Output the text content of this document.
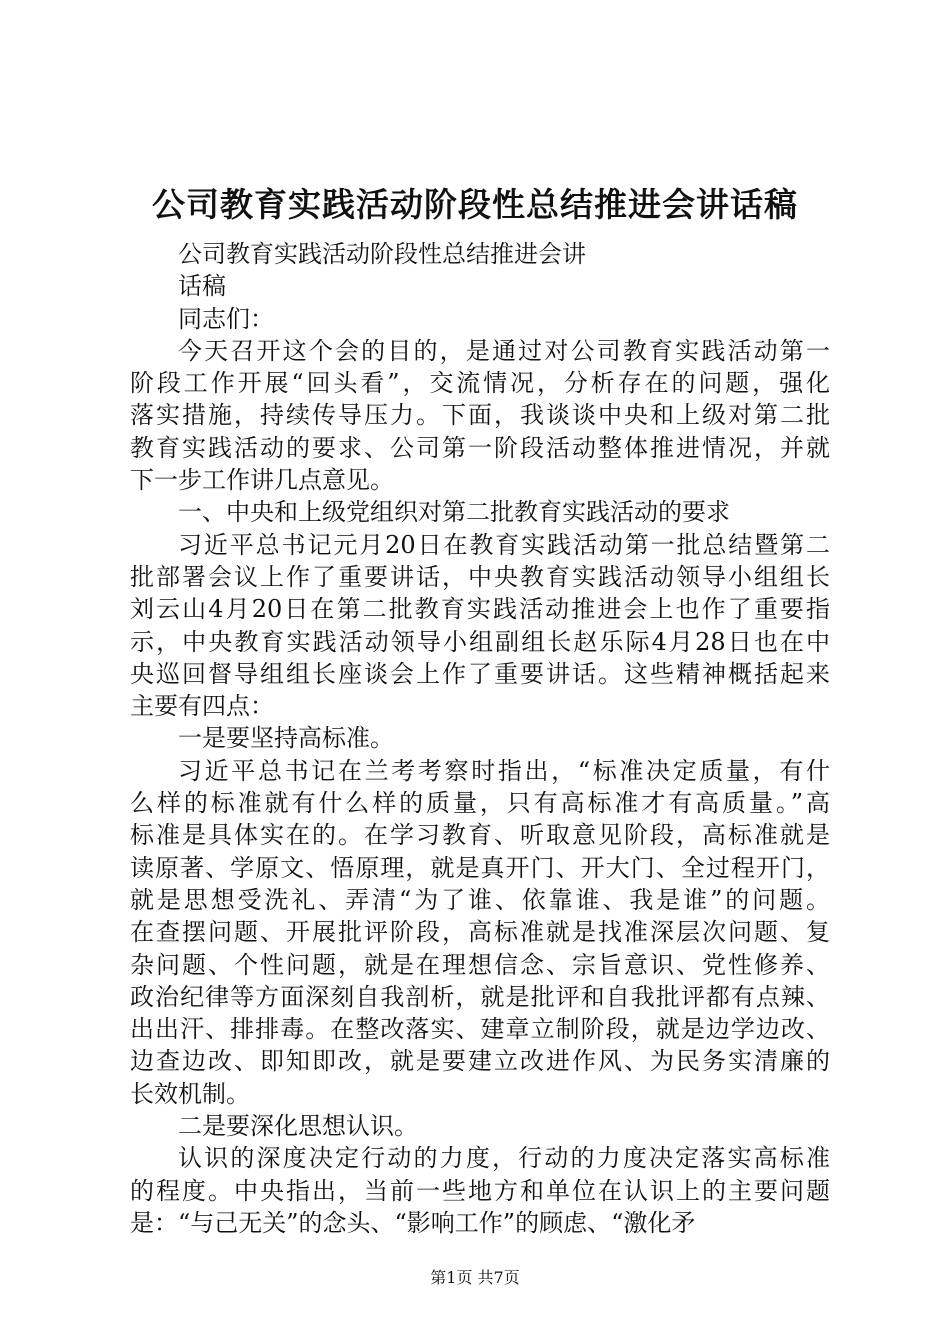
公司教育实践活动阶段性总结推进会讲话稿
公司教育实践活动阶段性总结推进会讲
话稿
同志们：
今天召开这个会的目的，是通过对公司教育实践活动第一
阶段工作开展“回头看”，交流情况，分析存在的问题，强化
落实措施，持续传导压力。下面，我谈谈中央和上级对第二批
教育实践活动的要求、公司第一阶段活动整体推进情况，并就
下一步工作讲几点意见。
一、中央和上级党组织对第二批教育实践活动的要求
习近平总书记元月20日在教育实践活动第一批总结暨第二
批部署会议上作了重要讲话，中央教育实践活动领导小组组长
刘云山4月20日在第二批教育实践活动推进会上也作了重要指
示，中央教育实践活动领导小组副组长赵乐际4月28日也在中
央巡回督导组组长座谈会上作了重要讲话。这些精神概括起来
主要有四点：
一是要坚持高标准。
习近平总书记在兰考考察时指出，“标准决定质量，有什
么样的标准就有什么样的质量，只有高标准才有高质量。”高
标准是具体实在的。在学习教育、听取意见阶段，高标准就是
读原著、学原文、悟原理，就是真开门、开大门、全过程开门，
就是思想受洗礼、弄清“为了谁、依靠谁、我是谁”的问题。
在查摆问题、开展批评阶段，高标准就是找准深层次问题、复
杂问题、个性问题，就是在理想信念、宗旨意识、党性修养、
政治纪律等方面深刻自我剖析，就是批评和自我批评都有点辣、
出出汗、排排毒。在整改落实、建章立制阶段，就是边学边改、
边查边改、即知即改，就是要建立改进作风、为民务实清廉的
长效机制。
二是要深化思想认识。
认识的深度决定行动的力度，行动的力度决定落实高标准
的程度。中央指出，当前一些地方和单位在认识上的主要问题
是：“与己无关”的念头、“影响工作”的顾虑、“激化矛
第1页 共7页
